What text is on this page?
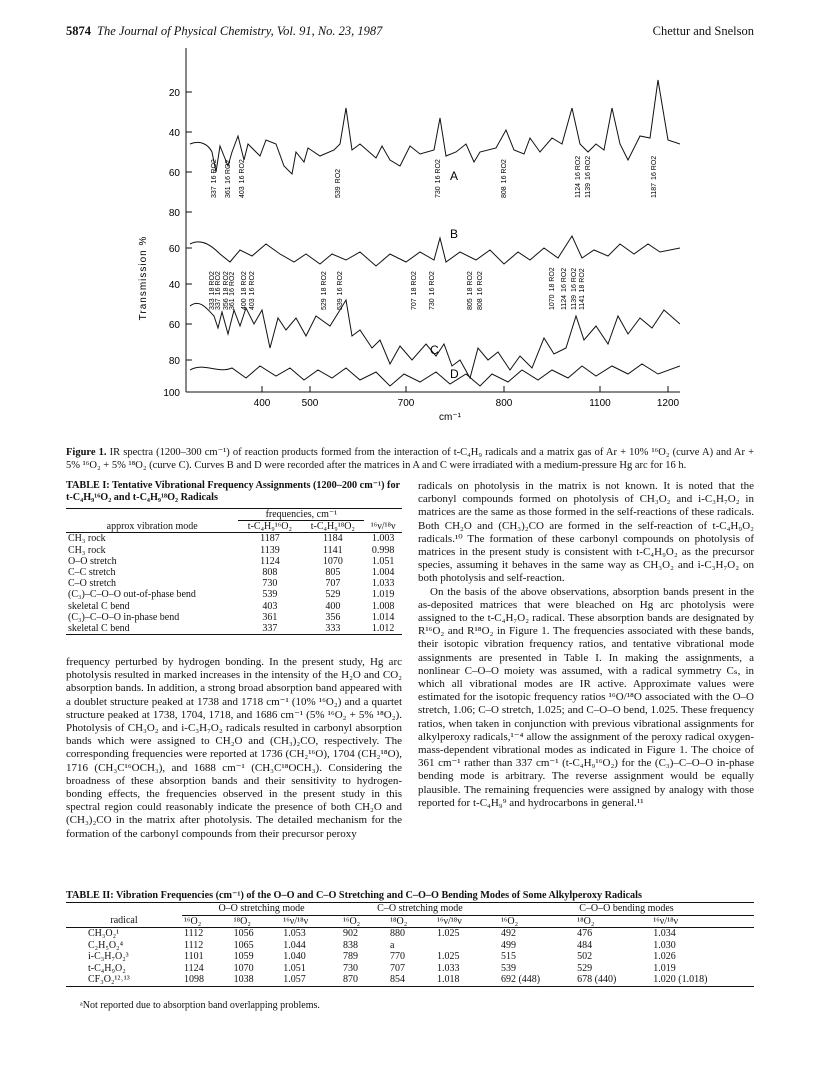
5874 The Journal of Physical Chemistry, Vol. 91, No. 23, 1987	Chettur and Snelson
20
40
60
80
60
40
60
80
100
400	500	700	800	1100	1200
Transmission %
cm⁻¹
A
B
C
D
33716 RO2
36116 RO2
40316 RO2
539RO2
73016 RO2
80816 RO2
112416 RO2
113916 RO2
118716 RO2
33318 RO2
33716 RO2
35618 RO2
36116 RO2
40018 RO2
40316 RO2
52918 RO2
53916 RO2
70718 RO2
73016 RO2
80518 RO2
80816 RO2
107018 RO2
112416 RO2
113916 RO2
114118 RO2
Figure 1. IR spectra (1200–300 cm⁻¹) of reaction products formed from the interaction of t-C₄H₉ radicals and a matrix gas of Ar + 10% ¹⁶O₂ (curve A) and Ar + 5% ¹⁶O₂ + 5% ¹⁸O₂ (curve C). Curves B and D were recorded after the matrices in A and C were irradiated with a medium-pressure Hg arc for 16 h.
TABLE I: Tentative Vibrational Frequency Assignments (1200–200 cm⁻¹) for t-C₄H₉¹⁶O₂ and t-C₄H₉¹⁸O₂ Radicals
	frequencies, cm⁻¹		
approx vibration mode	t-C₄H₉¹⁶O₂	t-C₄H₉¹⁸O₂	¹⁶ν/¹⁸ν
CH₃ rock	1187	1184	1.003
CH₃ rock	1139	1141	0.998
O–O stretch	1124	1070	1.051
C–C stretch	808	805	1.004
C–O stretch	730	707	1.033
(C₃)–C–O–O out-of-phase bend	539	529	1.019
skeletal C bend	403	400	1.008
(C₃)–C–O–O in-phase bend	361	356	1.014
skeletal C bend	337	333	1.012

frequency perturbed by hydrogen bonding. In the present study, Hg arc photolysis resulted in marked increases in the intensity of the H₂O and CO₂ absorption bands. In addition, a strong broad absorption band appeared with a doublet structure peaked at 1738 and 1718 cm⁻¹ (10% ¹⁶O₂) and a quartet structure peaked at 1738, 1704, 1718, and 1686 cm⁻¹ (5% ¹⁶O₂ + 5% ¹⁸O₂). Photolysis of CH₃O₂ and i-C₃H₇O₂ radicals resulted in carbonyl absorption bands which were assigned to CH₂O and (CH₃)₂CO, respectively. The corresponding frequencies were reported at 1736 (CH₂¹⁶O), 1704 (CH₂¹⁸O), 1716 (CH₃C¹⁶OCH₃), and 1688 cm⁻¹ (CH₃C¹⁸OCH₃). Considering the broadness of these absorption bands and their sensitivity to hydrogen-bonding effects, the frequencies observed in the present study in this spectral region could reasonably indicate the presence of both CH₂O and (CH₃)₂CO in the matrix after photolysis. The detailed mechanism for the formation of the carbonyl compounds from their precursor peroxy

radicals on photolysis in the matrix is not known. It is noted that the carbonyl compounds formed on photolysis of CH₃O₂ and i-C₃H₇O₂ in matrices are the same as those formed in the self-reactions of these radicals. Both CH₂O and (CH₃)₂CO are formed in the self-reaction of t-C₄H₉O₂ radicals.¹⁰ The formation of these carbonyl compounds on photolysis of matrices in the present study is consistent with t-C₄H₉O₂ as the precursor species, assuming it behaves in the same way as CH₃O₂ and i-C₃H₇O₂ on both photolysis and self-reaction.

On the basis of the above observations, absorption bands present in the as-deposited matrices that were bleached on Hg arc photolysis were assigned to the t-C₄H₇O₂ radical. These absorption bands are designated by R¹⁶O₂ and R¹⁸O₂ in Figure 1. The frequencies associated with these bands, their isotopic vibration frequency ratios, and tentative vibrational mode assignments are presented in Table I. In making the assignments, a nonlinear C–O–O moiety was assumed, with a radical symmetry Cₛ, in which all vibrational modes are IR active. Approximate values were estimated for the isotopic frequency ratios ¹⁶O/¹⁸O associated with the O–O stretch, 1.06; C–O stretch, 1.025; and C–O–O bend, 1.025. These frequency ratios, when taken in conjunction with previous vibrational assignments for alkylperoxy radicals,¹⁻⁴ allow the assignment of the peroxy radical oxygen-mass-dependent vibrational modes as indicated in Figure 1. The choice of 361 cm⁻¹ rather than 337 cm⁻¹ (t-C₄H₉¹⁶O₂) for the (C₃)–C–O–O in-phase bending mode is arbitrary. The reverse assignment would be equally plausible. The remaining frequencies were assigned by analogy with those reported for t-C₄H₉⁹ and hydrocarbons in general.¹¹

TABLE II: Vibration Frequencies (cm⁻¹) of the O–O and C–O Stretching and C–O–O Bending Modes of Some Alkylperoxy Radicals
	O–O stretching mode			C–O stretching mode			C–O–O bending modes		
radical	¹⁶O₂	¹⁸O₂	¹⁶ν/¹⁸ν	¹⁶O₂	¹⁸O₂	¹⁶ν/¹⁸ν	¹⁶O₂	¹⁸O₂	¹⁶ν/¹⁸ν
CH₃O₂¹	1112	1056	1.053	902	880	1.025	492	476	1.034
C₂H₅O₂⁴	1112	1065	1.044	838	a		499	484	1.030
i-C₃H₇O₂³	1101	1059	1.040	789	770	1.025	515	502	1.026
t-C₄H₉O₂	1124	1070	1.051	730	707	1.033	539	529	1.019
CF₃O₂¹²˒¹³	1098	1038	1.057	870	854	1.018	692 (448)	678 (440)	1.020 (1.018)
ᵃNot reported due to absorption band overlapping problems.
